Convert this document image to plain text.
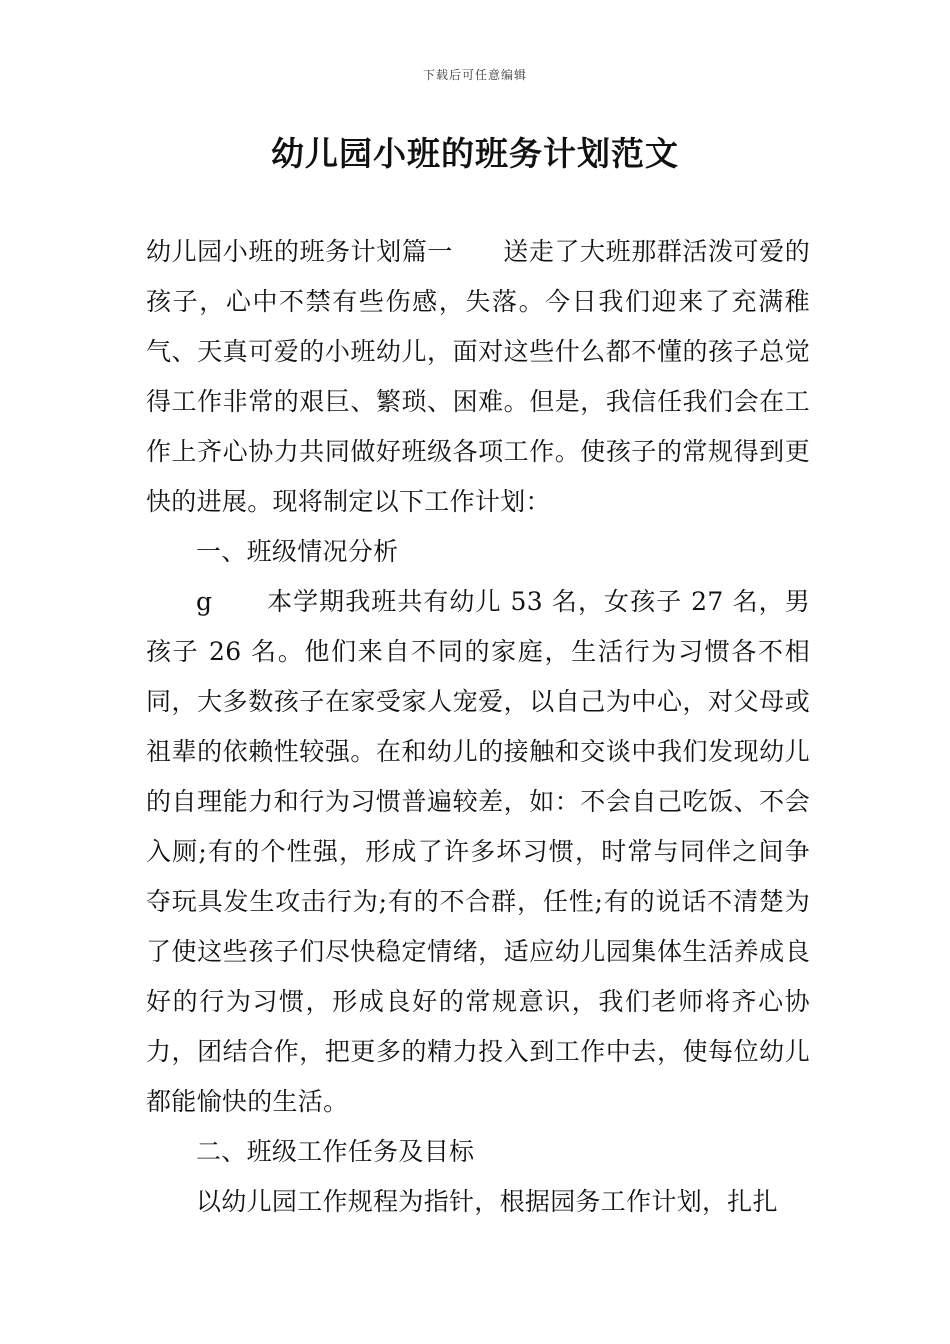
下载后可任意编辑
幼儿园小班的班务计划范文

幼儿园小班的班务计划篇一 送走了大班那群活泼可爱的孩子，心中不禁有些伤感，失落。今日我们迎来了充满稚气、天真可爱的小班幼儿，面对这些什么都不懂的孩子总觉得工作非常的艰巨、繁琐、困难。但是，我信任我们会在工作上齐心协力共同做好班级各项工作。使孩子的常规得到更快的进展。现将制定以下工作计划：

一、班级情况分析

g 本学期我班共有幼儿 53 名，女孩子 27 名，男孩子 26 名。他们来自不同的家庭，生活行为习惯各不相同，大多数孩子在家受家人宠爱，以自己为中心，对父母或祖辈的依赖性较强。在和幼儿的接触和交谈中我们发现幼儿的自理能力和行为习惯普遍较差，如：不会自己吃饭、不会入厕;有的个性强，形成了许多坏习惯，时常与同伴之间争夺玩具发生攻击行为;有的不合群，任性;有的说话不清楚为了使这些孩子们尽快稳定情绪，适应幼儿园集体生活养成良好的行为习惯，形成良好的常规意识，我们老师将齐心协力，团结合作，把更多的精力投入到工作中去，使每位幼儿都能愉快的生活。

二、班级工作任务及目标

以幼儿园工作规程为指针，根据园务工作计划，扎扎
